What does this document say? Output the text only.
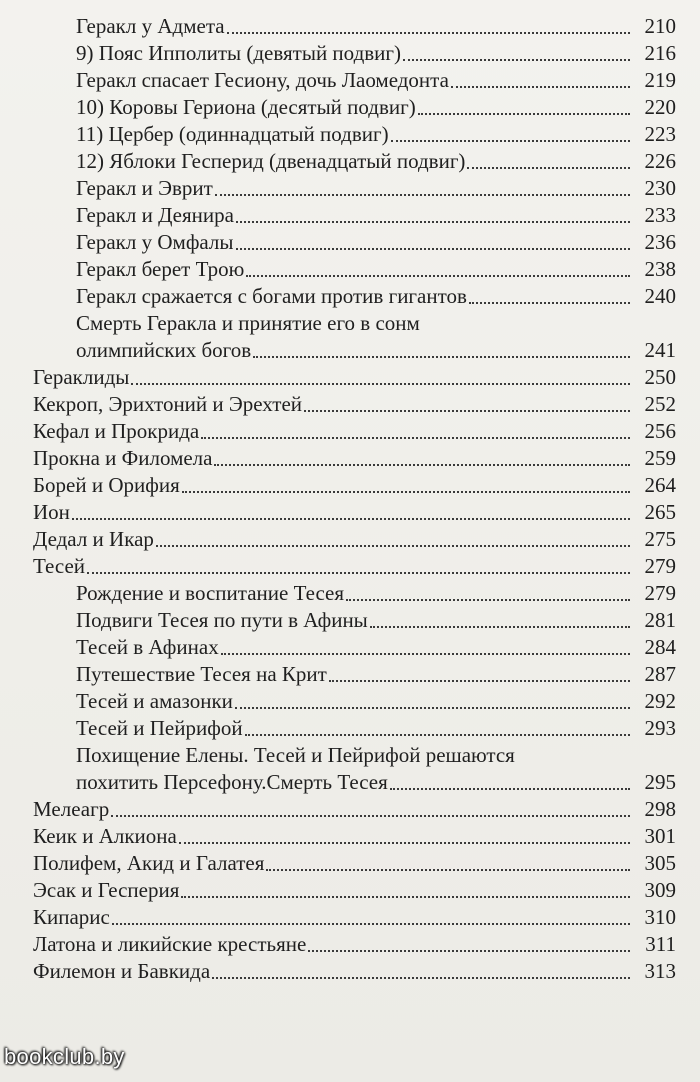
Геракл у Адмета	210
9) Пояс Ипполиты (девятый подвиг)	216
Геракл спасает Гесиону, дочь Лаомедонта	219
10) Коровы Гериона (десятый подвиг)	220
11) Цербер (одиннадцатый подвиг)	223
12) Яблоки Гесперид (двенадцатый подвиг)	226
Геракл и Эврит	230
Геракл и Деянира	233
Геракл у Омфалы	236
Геракл берет Трою	238
Геракл сражается с богами против гигантов	240
Смерть Геракла и принятие его в сонм
олимпийских богов	241
Гераклиды	250
Кекроп, Эрихтоний и Эрехтей	252
Кефал и Прокрида	256
Прокна и Филомела	259
Борей и Орифия	264
Ион	265
Дедал и Икар	275
Тесей	279
Рождение и воспитание Тесея	279
Подвиги Тесея по пути в Афины	281
Тесей в Афинах	284
Путешествие Тесея на Крит	287
Тесей и амазонки	292
Тесей и Пейрифой	293
Похищение Елены. Тесей и Пейрифой решаются
похитить Персефону.Смерть Тесея	295
Мелеагр	298
Кеик и Алкиона	301
Полифем, Акид и Галатея	305
Эсак и Гесперия	309
Кипарис	310
Латона и ликийские крестьяне	311
Филемон и Бавкида	313
bookclub.by
